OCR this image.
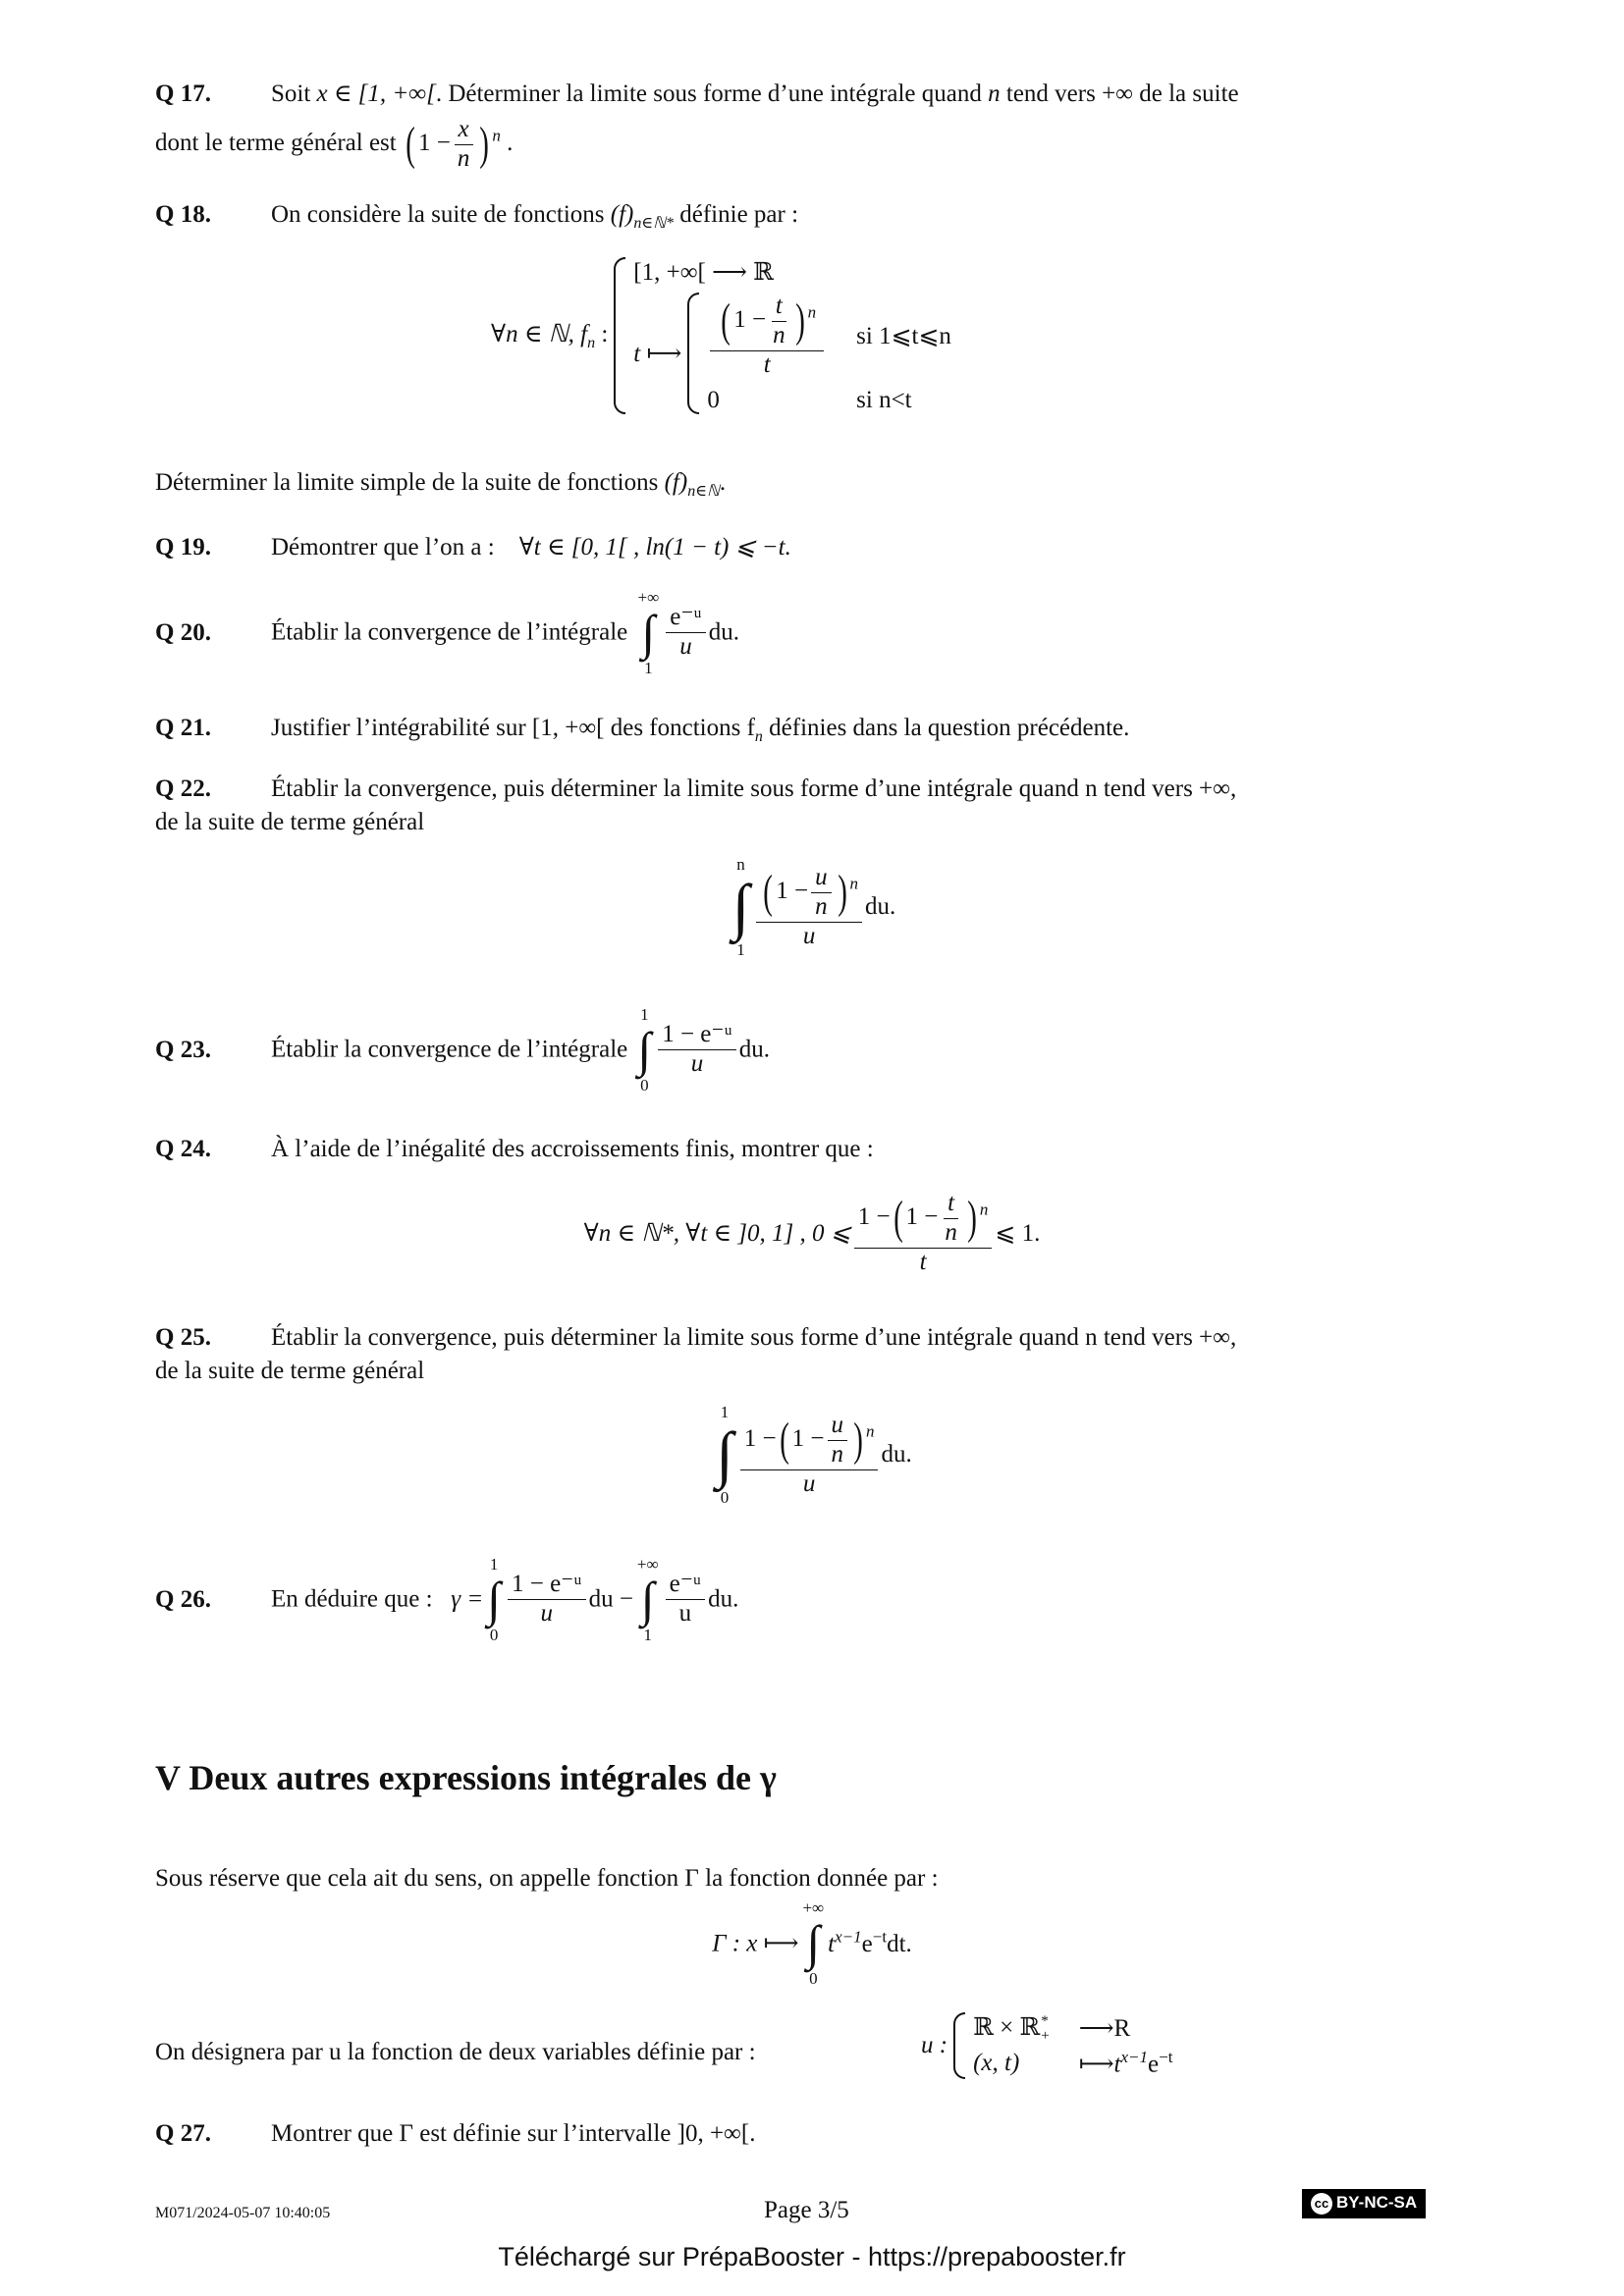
Q 17. Soit x ∈ [1, +∞[. Déterminer la limite sous forme d’une intégrale quand n tend vers +∞ de la suite
dont le terme général est ( $1 - \frac{x}{n}$ ) $^n$ .
Q 18. On considère la suite de fonctions $(f)_{n\in ℕ*}$ définie par :
∀n ∈ ℕ, $f_n$ :
[1, +∞[ ⟶ ℝ
t ⟼ $\frac{( 1 - \frac{t}{n} ) ^n}{t}$ si 1⩽t⩽n
0	si n<t
Déterminer la limite simple de la suite de fonctions $(f)_{n\in ℕ}$.
Q 19. Démontrer que l’on a : ∀t ∈ [0, 1[ , ln(1 − t) ⩽ −t.
Q 20. Établir la convergence de l’intégrale
+∞
∫
1
$\frac{\text{e⁻ᵘ}}{u}$ du.
Q 21. Justifier l’intégrabilité sur [1, +∞[ des fonctions $f_n$ définies dans la question précédente.
Q 22. Établir la convergence, puis déterminer la limite sous forme d’une intégrale quand n tend vers +∞,
de la suite de terme général
n
∫
$1 \frac{( 1 - \frac{u}{n} ) ^n}{u}$ du.
Q 23. Établir la convergence de l’intégrale
1
∫
0
$\frac{\text{1 − e⁻ᵘ}}{u}$ du.
Q 24. À l’aide de l’inégalité des accroissements finis, montrer que :
∀n ∈ ℕ*, ∀t ∈ ]0, 1] , 0 ⩽ $\frac{1 -( 1 - \frac{t}{n} ) ^n}{t}$ ⩽ 1.
Q 25. Établir la convergence, puis déterminer la limite sous forme d’une intégrale quand n tend vers +∞,
de la suite de terme général
1
∫
$0 \frac{1 -( 1 - \frac{u}{n} ) ^n}{u}$ du.
Q 26. En déduire que : γ =
1
∫
0
$\frac{\text{1 − e⁻ᵘ}}{u}$ du −
+∞
∫
1
$\frac{\text{e⁻ᵘ}}{u}$ du.
V Deux autres expressions intégrales de γ
Sous réserve que cela ait du sens, on appelle fonction Γ la fonction donnée par :
Γ : x ⟼
+∞
∫
0
$t^{x-1}e^{-t}dt$.
On désignera par u la fonction de deux variables définie par :	u :
ℝ × ℝ *
+ ⟶R
(x, t)	$⟼t^{x-1}e^{-t}$
Q 27. Montrer que Γ est définie sur l’intervalle ]0, +∞[.
M071/2024-05-07 10:40:05	Page 3/5	cc BY-NC-SA
Téléchargé sur PrépaBooster - https://prepabooster.fr
